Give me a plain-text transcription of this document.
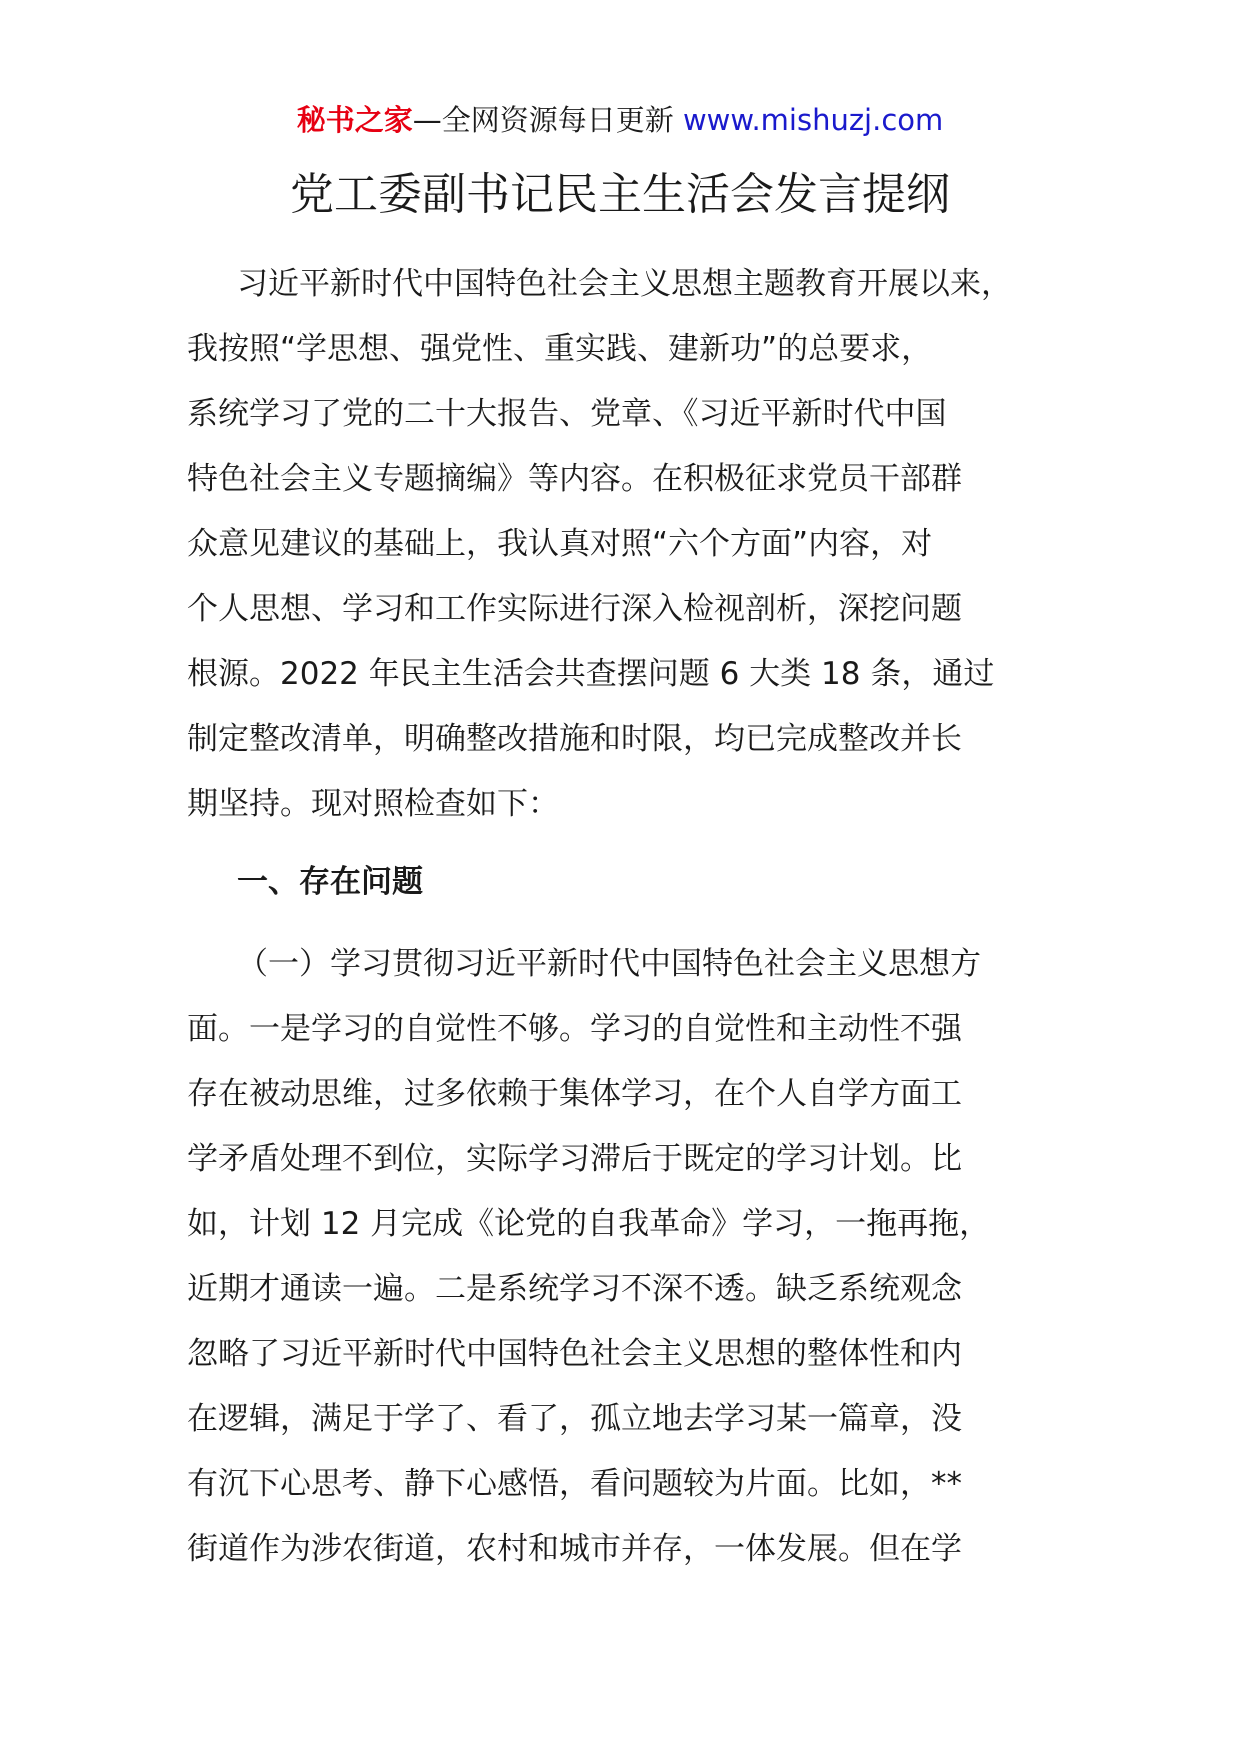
秘书之家—全网资源每日更新 www.mishuzj.com
党工委副书记民主生活会发言提纲
习近平新时代中国特色社会主义思想主题教育开展以来，
我按照“学思想、强党性、重实践、建新功”的总要求，
系统学习了党的二十大报告、党章、《习近平新时代中国
特色社会主义专题摘编》等内容。在积极征求党员干部群
众意见建议的基础上，我认真对照“六个方面”内容，对
个人思想、学习和工作实际进行深入检视剖析，深挖问题
根源。2022 年民主生活会共查摆问题 6 大类 18 条，通过
制定整改清单，明确整改措施和时限，均已完成整改并长
期坚持。现对照检查如下：
一、存在问题
（一）学习贯彻习近平新时代中国特色社会主义思想方
面。一是学习的自觉性不够。学习的自觉性和主动性不强
存在被动思维，过多依赖于集体学习，在个人自学方面工
学矛盾处理不到位，实际学习滞后于既定的学习计划。比
如，计划 12 月完成《论党的自我革命》学习，一拖再拖，
近期才通读一遍。二是系统学习不深不透。缺乏系统观念
忽略了习近平新时代中国特色社会主义思想的整体性和内
在逻辑，满足于学了、看了，孤立地去学习某一篇章，没
有沉下心思考、静下心感悟，看问题较为片面。比如，**
街道作为涉农街道，农村和城市并存，一体发展。但在学
